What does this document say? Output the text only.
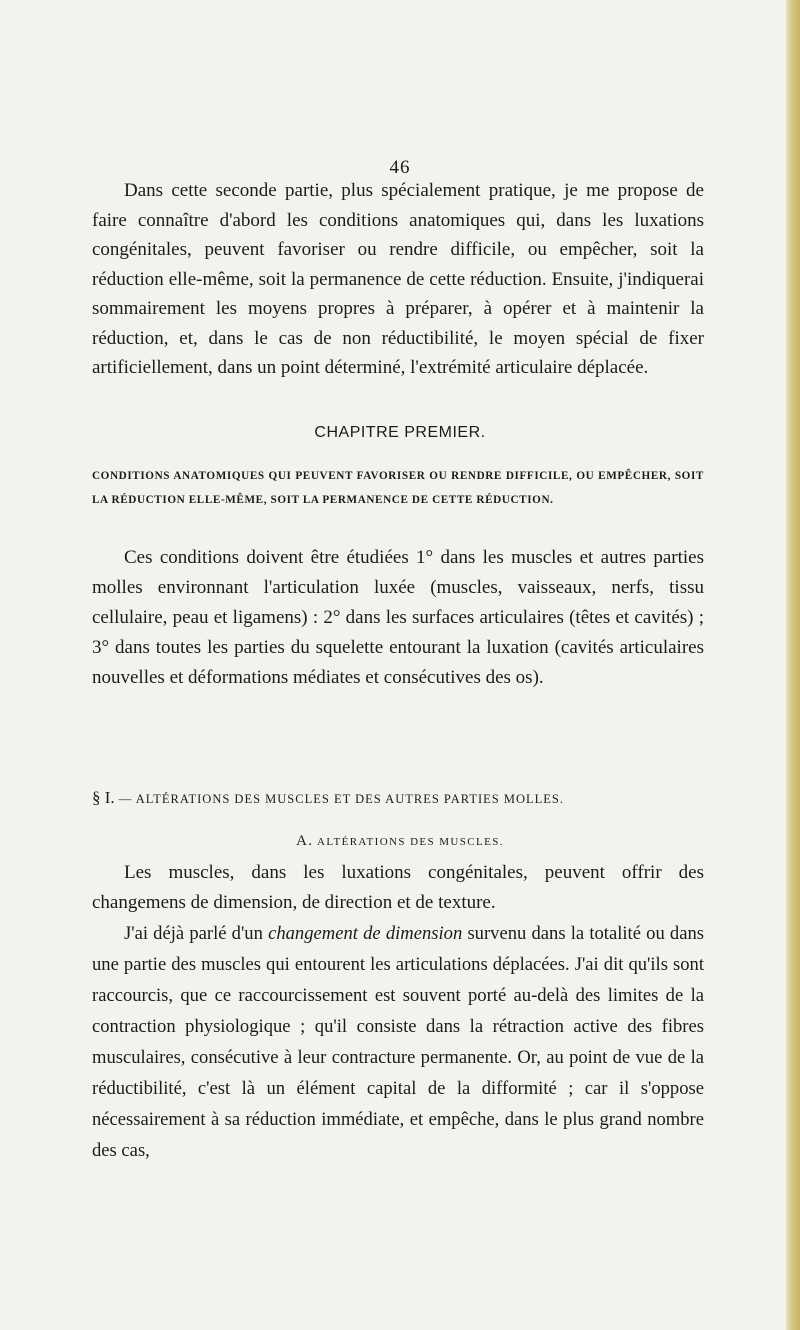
46

Dans cette seconde partie, plus spécialement pratique, je me propose de faire connaître d'abord les conditions anatomiques qui, dans les luxations congénitales, peuvent favoriser ou rendre difficile, ou empêcher, soit la réduction elle-même, soit la permanence de cette réduction. Ensuite, j'indiquerai sommairement les moyens propres à préparer, à opérer et à maintenir la réduction, et, dans le cas de non réductibilité, le moyen spécial de fixer artificiellement, dans un point déterminé, l'extrémité articulaire déplacée.

CHAPITRE PREMIER.

CONDITIONS ANATOMIQUES QUI PEUVENT FAVORISER OU RENDRE DIFFICILE, OU EMPÊCHER, SOIT LA RÉDUCTION ELLE-MÊME, SOIT LA PERMANENCE DE CETTE RÉDUCTION.

Ces conditions doivent être étudiées 1° dans les muscles et autres parties molles environnant l'articulation luxée (muscles, vaisseaux, nerfs, tissu cellulaire, peau et ligamens) : 2° dans les surfaces articulaires (têtes et cavités) ; 3° dans toutes les parties du squelette entourant la luxation (cavités articulaires nouvelles et déformations médiates et consécutives des os).

§ I. — ALTÉRATIONS DES MUSCLES ET DES AUTRES PARTIES MOLLES.

A. ALTÉRATIONS DES MUSCLES.

Les muscles, dans les luxations congénitales, peuvent offrir des changemens de dimension, de direction et de texture.

J'ai déjà parlé d'un changement de dimension survenu dans la totalité ou dans une partie des muscles qui entourent les articulations déplacées. J'ai dit qu'ils sont raccourcis, que ce raccourcissement est souvent porté au-delà des limites de la contraction physiologique ; qu'il consiste dans la rétraction active des fibres musculaires, consécutive à leur contracture permanente. Or, au point de vue de la réductibilité, c'est là un élément capital de la difformité ; car il s'oppose nécessairement à sa réduction immédiate, et empêche, dans le plus grand nombre des cas,
